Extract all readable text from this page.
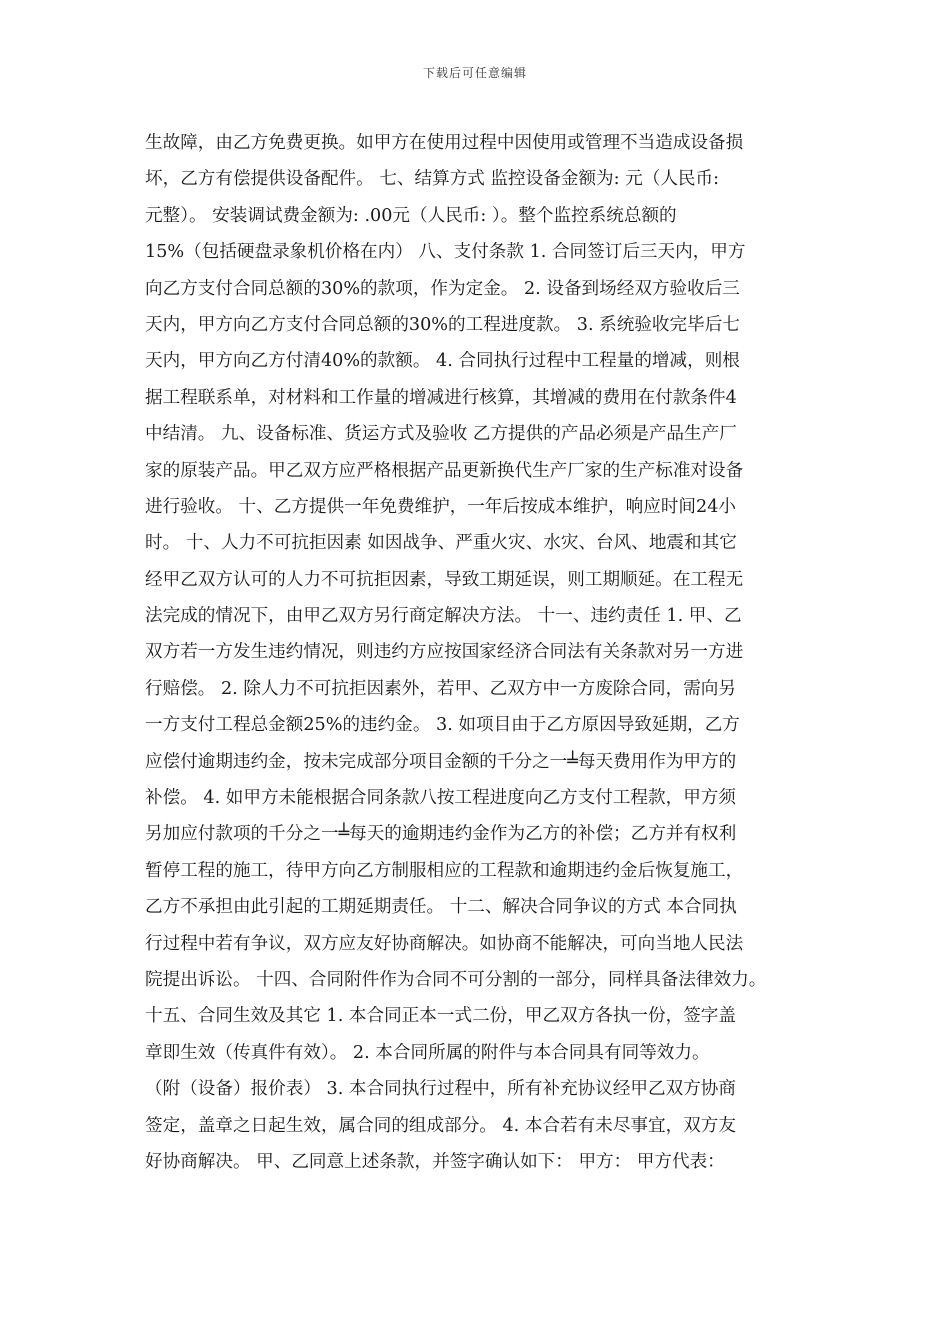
下载后可任意编辑
生故障，由乙方免费更换。如甲方在使用过程中因使用或管理不当造成设备损
坏，乙方有偿提供设备配件。 七、结算方式 监控设备金额为: 元（人民币:
元整）。 安装调试费金额为: .00元（人民币: ）。整个监控系统总额的
15%（包括硬盘录象机价格在内） 八、支付条款 1. 合同签订后三天内，甲方
向乙方支付合同总额的30%的款项，作为定金。 2. 设备到场经双方验收后三
天内，甲方向乙方支付合同总额的30%的工程进度款。 3. 系统验收完毕后七
天内，甲方向乙方付清40%的款额。 4. 合同执行过程中工程量的增减，则根
据工程联系单，对材料和工作量的增减进行核算，其增减的费用在付款条件4
中结清。 九、设备标准、货运方式及验收 乙方提供的产品必须是产品生产厂
家的原装产品。甲乙双方应严格根据产品更新换代生产厂家的生产标准对设备
进行验收。 十、乙方提供一年免费维护，一年后按成本维护，响应时间24小
时。 十、人力不可抗拒因素 如因战争、严重火灾、水灾、台风、地震和其它
经甲乙双方认可的人力不可抗拒因素，导致工期延误，则工期顺延。在工程无
法完成的情况下，由甲乙双方另行商定解决方法。 十一、违约责任 1. 甲、乙
双方若一方发生违约情况，则违约方应按国家经济合同法有关条款对另一方进
行赔偿。 2. 除人力不可抗拒因素外，若甲、乙双方中一方废除合同，需向另
一方支付工程总金额25%的违约金。 3. 如项目由于乙方原因导致延期，乙方
应偿付逾期违约金，按未完成部分项目金额的千分之一╧每天费用作为甲方的
补偿。 4. 如甲方未能根据合同条款八按工程进度向乙方支付工程款，甲方须
另加应付款项的千分之一╧每天的逾期违约金作为乙方的补偿；乙方并有权利
暂停工程的施工，待甲方向乙方制服相应的工程款和逾期违约金后恢复施工，
乙方不承担由此引起的工期延期责任。 十二、解决合同争议的方式 本合同执
行过程中若有争议，双方应友好协商解决。如协商不能解决，可向当地人民法
院提出诉讼。 十四、合同附件作为合同不可分割的一部分，同样具备法律效力。
十五、合同生效及其它 1. 本合同正本一式二份，甲乙双方各执一份，签字盖
章即生效（传真件有效）。 2. 本合同所属的附件与本合同具有同等效力。
（附（设备）报价表） 3. 本合同执行过程中，所有补充协议经甲乙双方协商
签定，盖章之日起生效，属合同的组成部分。 4. 本合若有未尽事宜，双方友
好协商解决。 甲、乙同意上述条款，并签字确认如下： 甲方： 甲方代表：
